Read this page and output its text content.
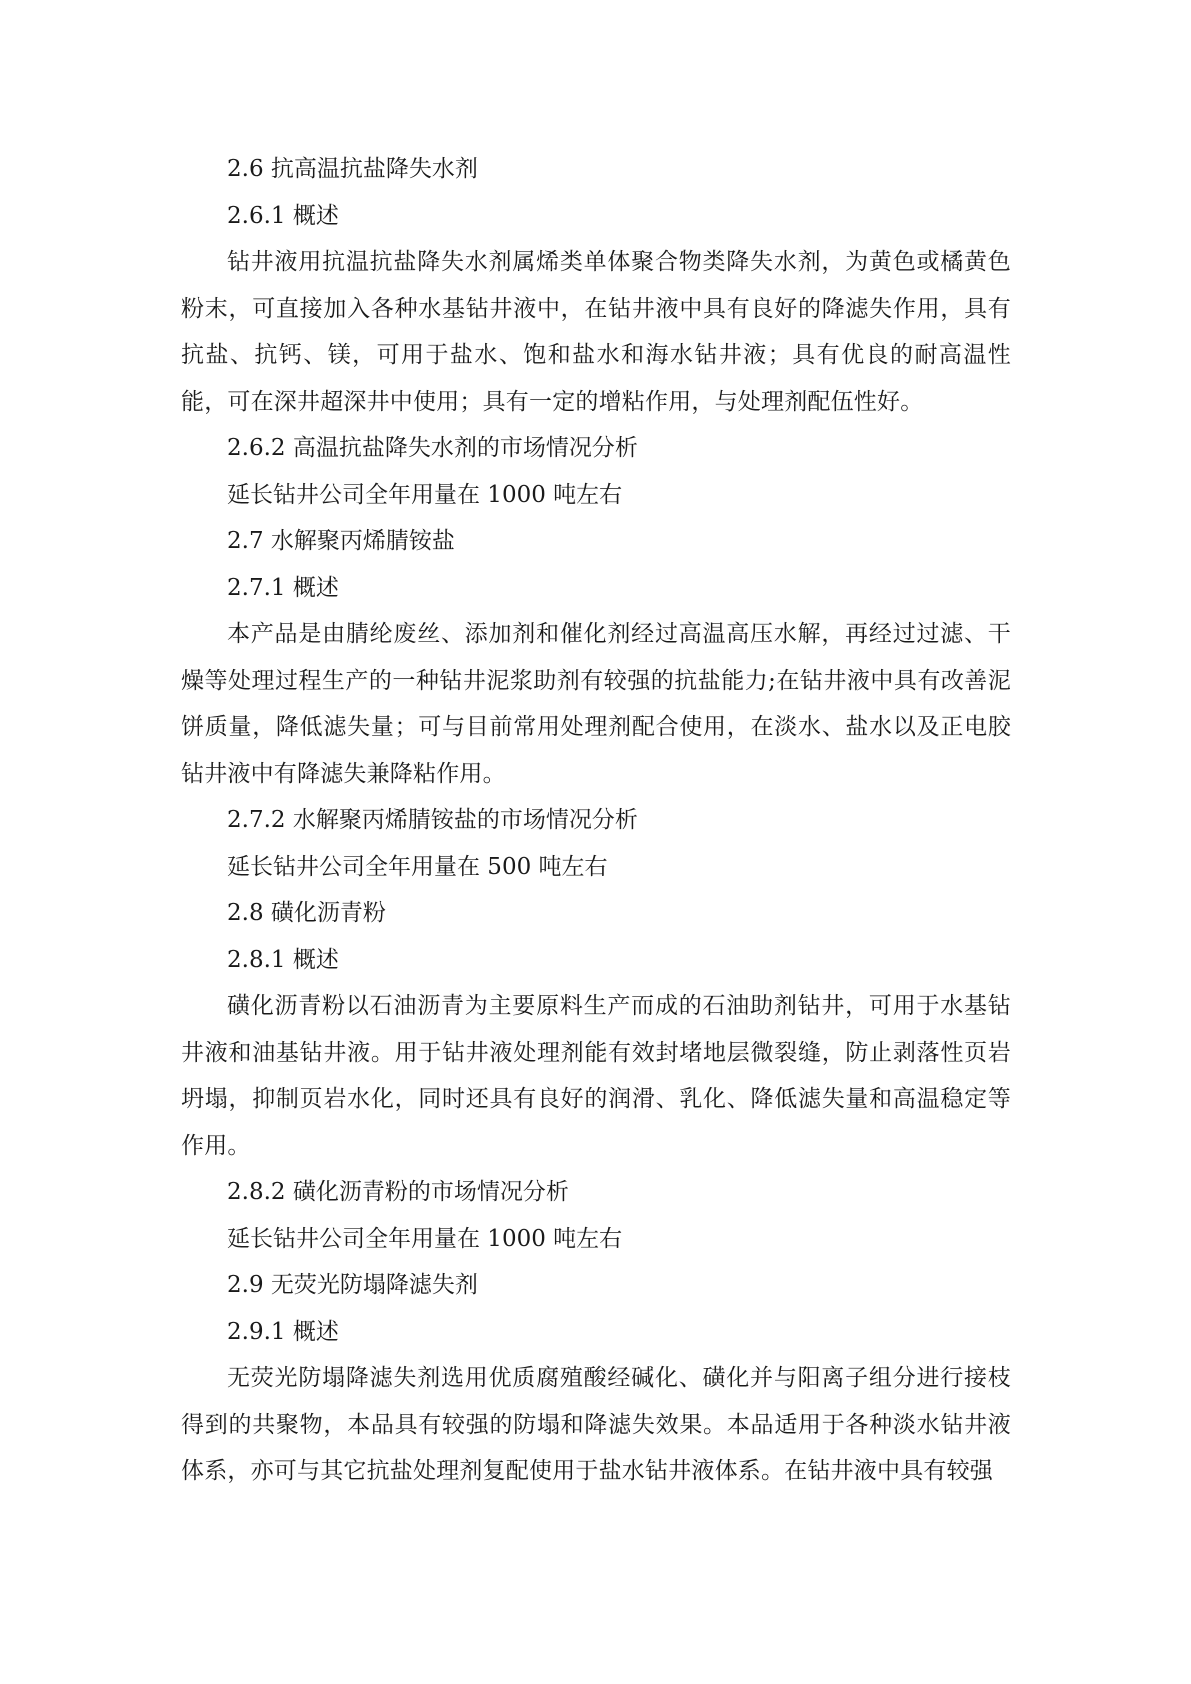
2.6 抗高温抗盐降失水剂

2.6.1 概述

钻井液用抗温抗盐降失水剂属烯类单体聚合物类降失水剂，为黄色或橘黄色粉末，可直接加入各种水基钻井液中，在钻井液中具有良好的降滤失作用，具有抗盐、抗钙、镁，可用于盐水、饱和盐水和海水钻井液；具有优良的耐高温性能，可在深井超深井中使用；具有一定的增粘作用，与处理剂配伍性好。

2.6.2 高温抗盐降失水剂的市场情况分析

延长钻井公司全年用量在 1000 吨左右

2.7 水解聚丙烯腈铵盐

2.7.1 概述

本产品是由腈纶废丝、添加剂和催化剂经过高温高压水解，再经过过滤、干燥等处理过程生产的一种钻井泥浆助剂有较强的抗盐能力;在钻井液中具有改善泥饼质量，降低滤失量；可与目前常用处理剂配合使用，在淡水、盐水以及正电胶钻井液中有降滤失兼降粘作用。

2.7.2 水解聚丙烯腈铵盐的市场情况分析

延长钻井公司全年用量在 500 吨左右

2.8 磺化沥青粉

2.8.1 概述

磺化沥青粉以石油沥青为主要原料生产而成的石油助剂钻井，可用于水基钻井液和油基钻井液。用于钻井液处理剂能有效封堵地层微裂缝，防止剥落性页岩坍塌，抑制页岩水化，同时还具有良好的润滑、乳化、降低滤失量和高温稳定等作用。

2.8.2 磺化沥青粉的市场情况分析

延长钻井公司全年用量在 1000 吨左右

2.9 无荧光防塌降滤失剂

2.9.1 概述

无荧光防塌降滤失剂选用优质腐殖酸经碱化、磺化并与阳离子组分进行接枝得到的共聚物，本品具有较强的防塌和降滤失效果。本品适用于各种淡水钻井液体系，亦可与其它抗盐处理剂复配使用于盐水钻井液体系。在钻井液中具有较强
